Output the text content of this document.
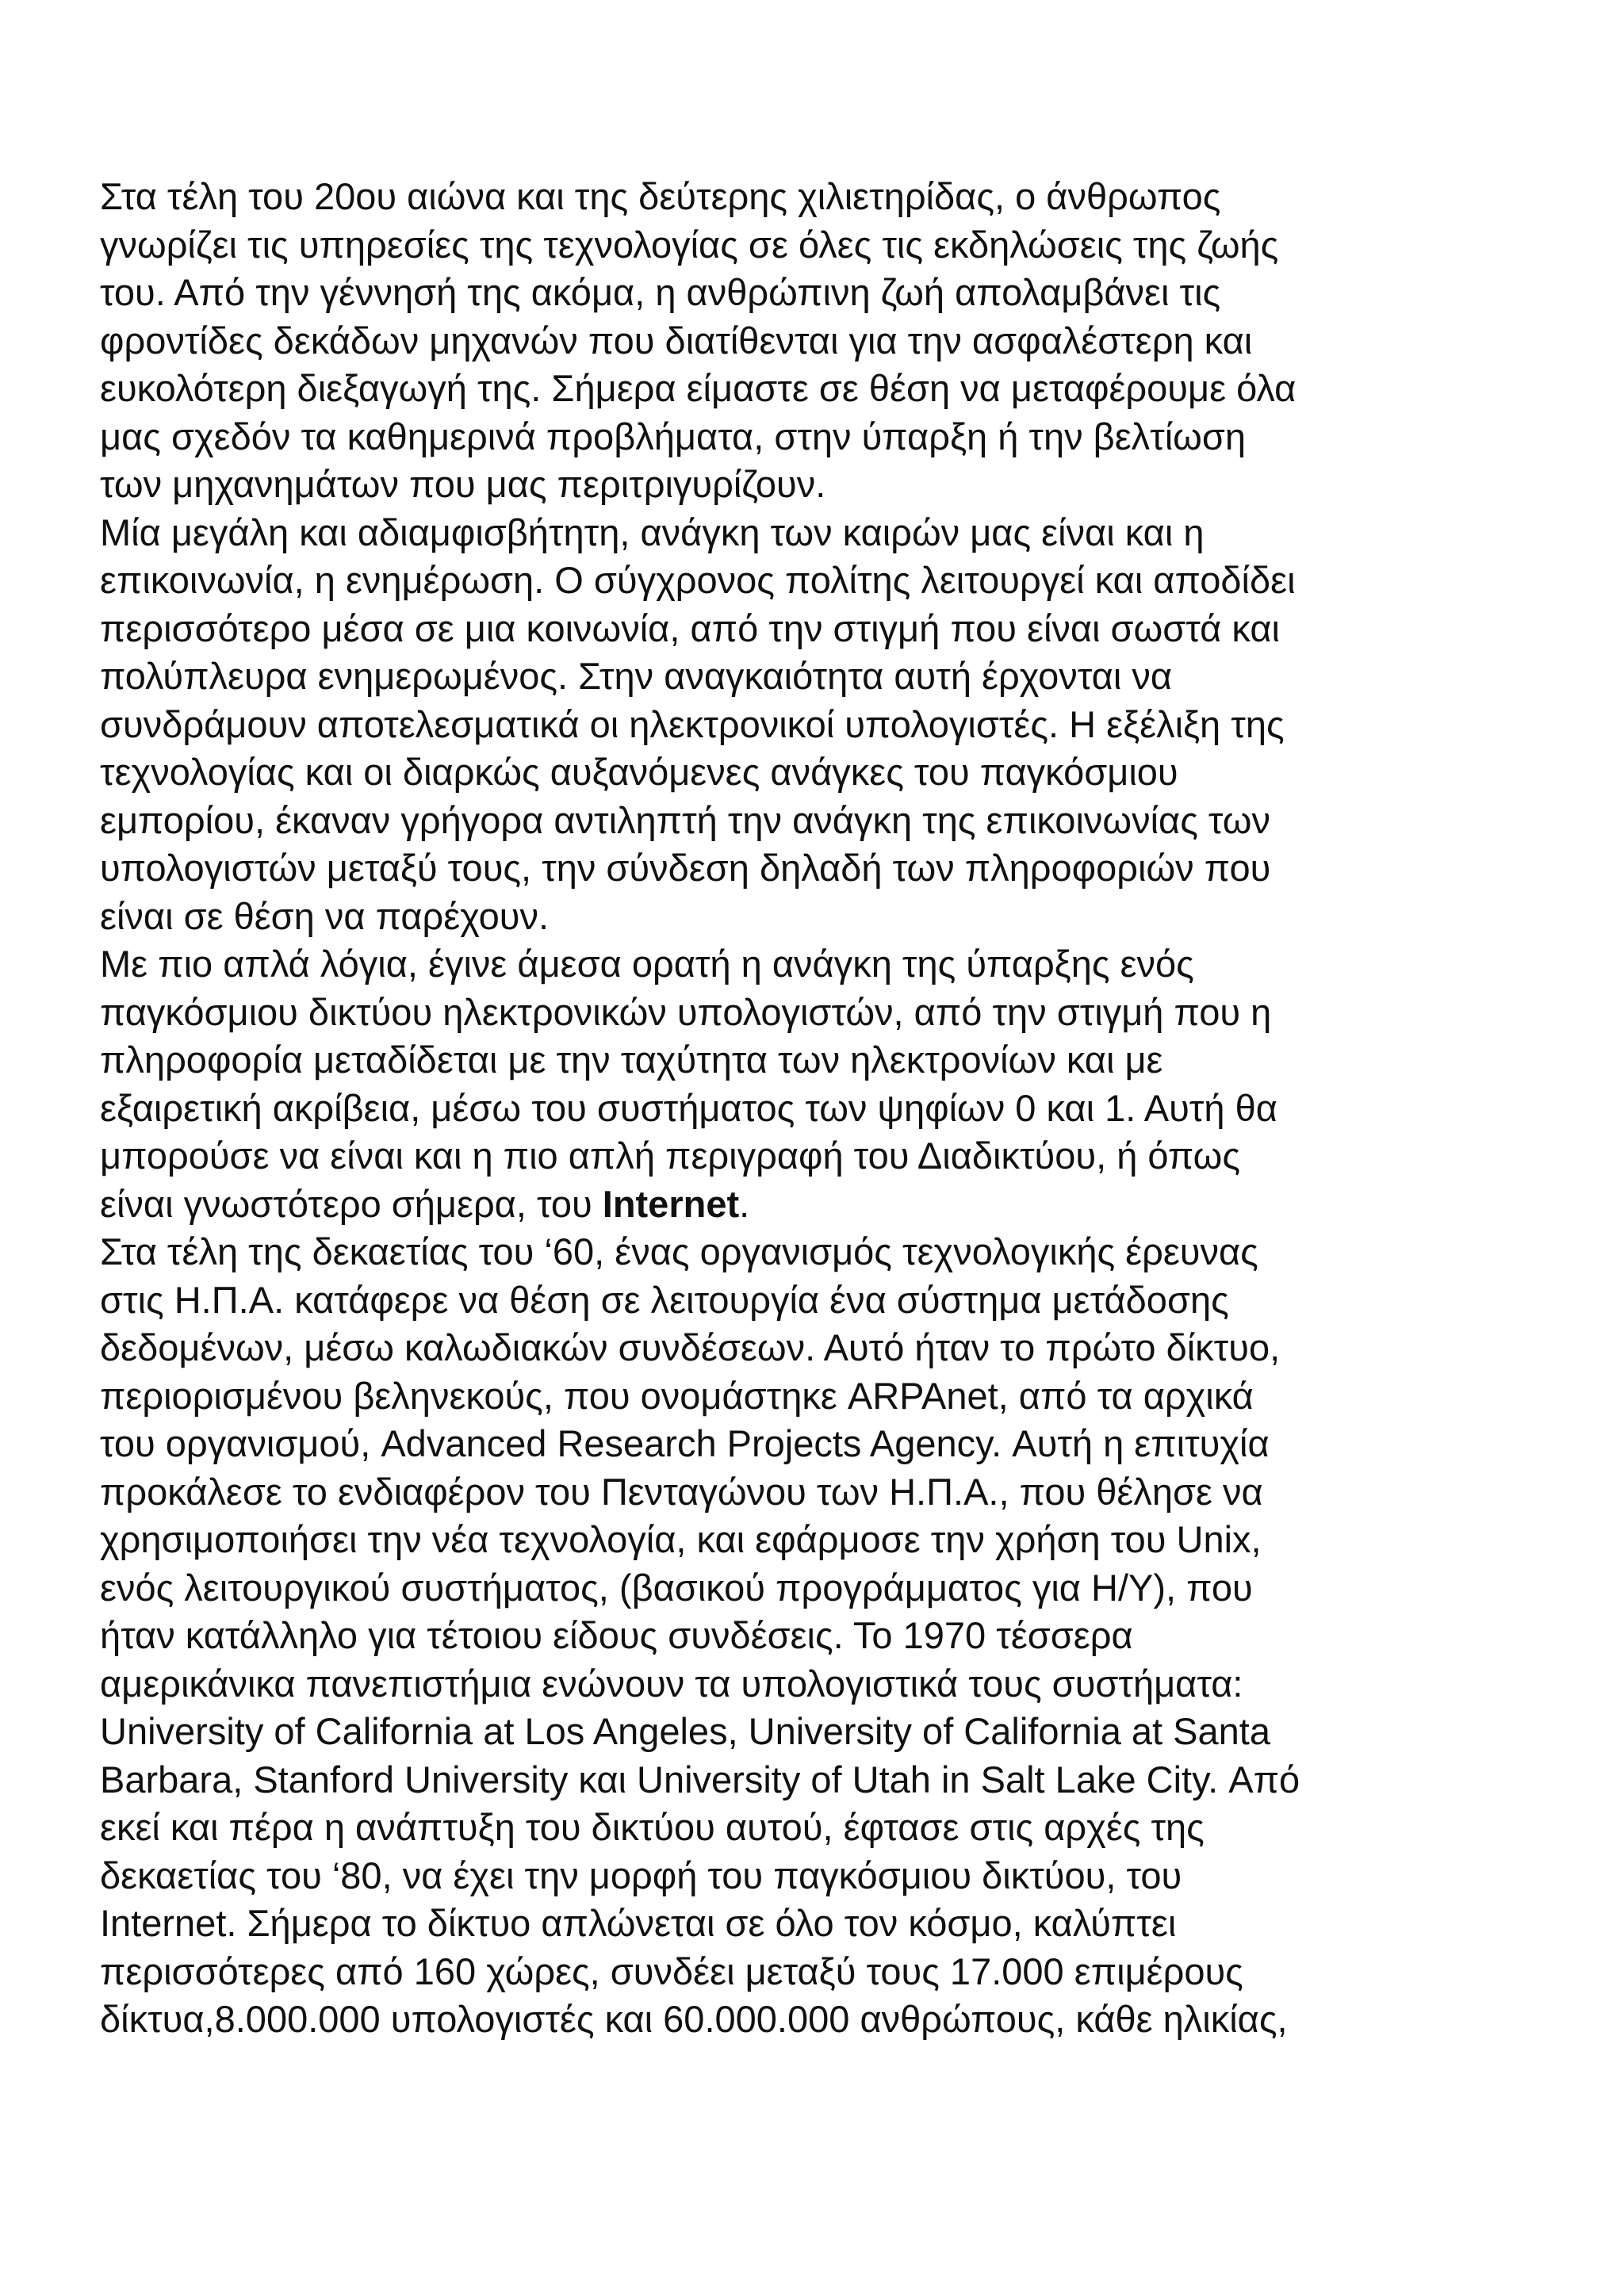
Στα τέλη του 20ου αιώνα και της δεύτερης χιλιετηρίδας, ο άνθρωπος
γνωρίζει τις υπηρεσίες της τεχνολογίας σε όλες τις εκδηλώσεις της ζωής
του. Από την γέννησή της ακόμα, η ανθρώπινη ζωή απολαμβάνει τις
φροντίδες δεκάδων μηχανών που διατίθενται για την ασφαλέστερη και
ευκολότερη διεξαγωγή της. Σήμερα είμαστε σε θέση να μεταφέρουμε όλα
μας σχεδόν τα καθημερινά προβλήματα, στην ύπαρξη ή την βελτίωση
των μηχανημάτων που μας περιτριγυρίζουν.
Μία μεγάλη και αδιαμφισβήτητη, ανάγκη των καιρών μας είναι και η
επικοινωνία, η ενημέρωση. Ο σύγχρονος πολίτης λειτουργεί και αποδίδει
περισσότερο μέσα σε μια κοινωνία, από την στιγμή που είναι σωστά και
πολύπλευρα ενημερωμένος. Στην αναγκαιότητα αυτή έρχονται να
συνδράμουν αποτελεσματικά οι ηλεκτρονικοί υπολογιστές. Η εξέλιξη της
τεχνολογίας και οι διαρκώς αυξανόμενες ανάγκες του παγκόσμιου
εμπορίου, έκαναν γρήγορα αντιληπτή την ανάγκη της επικοινωνίας των
υπολογιστών μεταξύ τους, την σύνδεση δηλαδή των πληροφοριών που
είναι σε θέση να παρέχουν.
Με πιο απλά λόγια, έγινε άμεσα ορατή η ανάγκη της ύπαρξης ενός
παγκόσμιου δικτύου ηλεκτρονικών υπολογιστών, από την στιγμή που η
πληροφορία μεταδίδεται με την ταχύτητα των ηλεκτρονίων και με
εξαιρετική ακρίβεια, μέσω του συστήματος των ψηφίων 0 και 1. Αυτή θα
μπορούσε να είναι και η πιο απλή περιγραφή του Διαδικτύου, ή όπως
είναι γνωστότερο σήμερα, του Internet.
Στα τέλη της δεκαετίας του ‘60, ένας οργανισμός τεχνολογικής έρευνας
στις Η.Π.Α. κατάφερε να θέση σε λειτουργία ένα σύστημα μετάδοσης
δεδομένων, μέσω καλωδιακών συνδέσεων. Αυτό ήταν το πρώτο δίκτυο,
περιορισμένου βεληνεκούς, που ονομάστηκε ARPAnet, από τα αρχικά
του οργανισμού, Advanced Research Projects Agency. Αυτή η επιτυχία
προκάλεσε το ενδιαφέρον του Πενταγώνου των Η.Π.Α., που θέλησε να
χρησιμοποιήσει την νέα τεχνολογία, και εφάρμοσε την χρήση του Unix,
ενός λειτουργικού συστήματος, (βασικού προγράμματος για Η/Υ), που
ήταν κατάλληλο για τέτοιου είδους συνδέσεις. Το 1970 τέσσερα
αμερικάνικα πανεπιστήμια ενώνουν τα υπολογιστικά τους συστήματα:
University of California at Los Angeles, University of California at Santa
Barbara, Stanford University και University of Utah in Salt Lake City. Από
εκεί και πέρα η ανάπτυξη του δικτύου αυτού, έφτασε στις αρχές της
δεκαετίας του ‘80, να έχει την μορφή του παγκόσμιου δικτύου, του
Internet. Σήμερα το δίκτυο απλώνεται σε όλο τον κόσμο, καλύπτει
περισσότερες από 160 χώρες, συνδέει μεταξύ τους 17.000 επιμέρους
δίκτυα,8.000.000 υπολογιστές και 60.000.000 ανθρώπους, κάθε ηλικίας,
